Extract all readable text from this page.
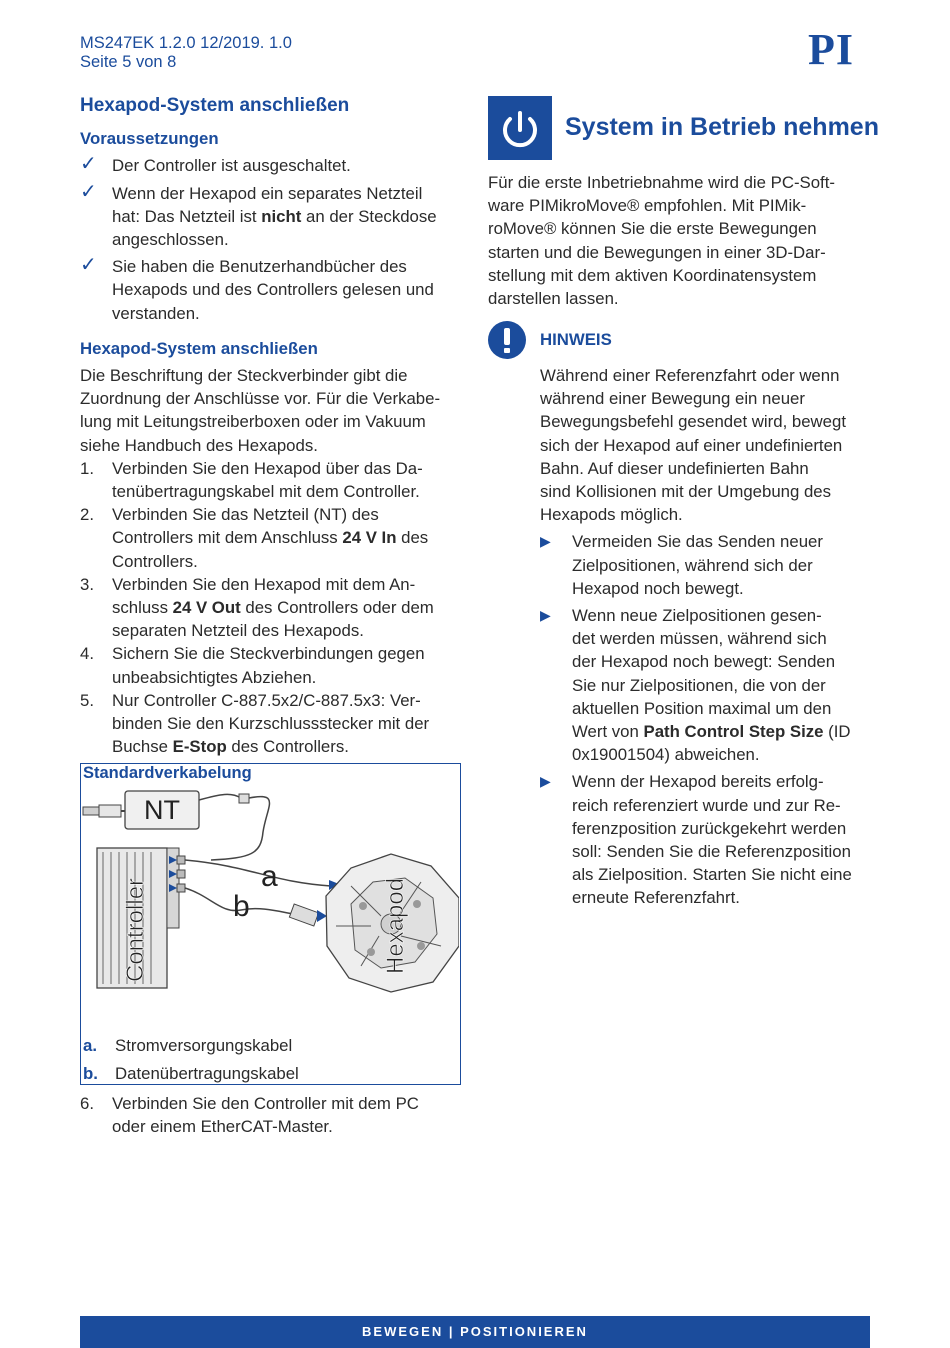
MS247EK 1.2.0 12/2019. 1.0
Seite 5 von 8	PI
Hexapod-System anschließen
Voraussetzungen
✓ Der Controller ist ausgeschaltet.
✓ Wenn der Hexapod ein separates Netzteil
hat: Das Netzteil ist nicht an der Steckdose
angeschlossen.
✓ Sie haben die Benutzerhandbücher des
Hexapods und des Controllers gelesen und
verstanden.
Hexapod-System anschließen
Die Beschriftung der Steckverbinder gibt die
Zuordnung der Anschlüsse vor. Für die Verkabe-
lung mit Leitungstreiberboxen oder im Vakuum
siehe Handbuch des Hexapods.
1. Verbinden Sie den Hexapod über das Da-
tenübertragungskabel mit dem Controller.
2. Verbinden Sie das Netzteil (NT) des
Controllers mit dem Anschluss 24 V In des
Controllers.
3. Verbinden Sie den Hexapod mit dem An-
schluss 24 V Out des Controllers oder dem
separaten Netzteil des Hexapods.
4. Sichern Sie die Steckverbindungen gegen
unbeabsichtigtes Abziehen.
5. Nur Controller C-887.5x2/C-887.5x3: Ver-
binden Sie den Kurzschlussstecker mit der
Buchse E-Stop des Controllers.
Standardverkabelung
NT
Controller
a
b	Hexapod
a. Stromversorgungskabel
b. Datenübertragungskabel
6. Verbinden Sie den Controller mit dem PC
oder einem EtherCAT-Master.
System in Betrieb nehmen
Für die erste Inbetriebnahme wird die PC-Soft-
ware PIMikroMove® empfohlen. Mit PIMik-
roMove® können Sie die erste Bewegungen
starten und die Bewegungen in einer 3D-Dar-
stellung mit dem aktiven Koordinatensystem
darstellen lassen.
HINWEIS
Während einer Referenzfahrt oder wenn
während einer Bewegung ein neuer
Bewegungsbefehl gesendet wird, bewegt
sich der Hexapod auf einer undefinierten
Bahn. Auf dieser undefinierten Bahn
sind Kollisionen mit der Umgebung des
Hexapods möglich.
▶ Vermeiden Sie das Senden neuer
Zielpositionen, während sich der
Hexapod noch bewegt.
▶ Wenn neue Zielpositionen gesen-
det werden müssen, während sich
der Hexapod noch bewegt: Senden
Sie nur Zielpositionen, die von der
aktuellen Position maximal um den
Wert von Path Control Step Size (ID
0x19001504) abweichen.
▶ Wenn der Hexapod bereits erfolg-
reich referenziert wurde und zur Re-
ferenzposition zurückgekehrt werden
soll: Senden Sie die Referenzposition
als Zielposition. Starten Sie nicht eine
erneute Referenzfahrt.
BEWEGEN | POSITIONIEREN
